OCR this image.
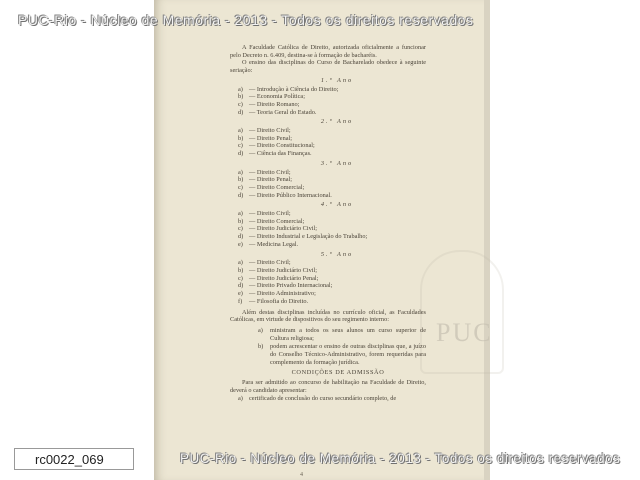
PUC
PUC-Rio - Núcleo de Memória - 2013 - Todos os direitos reservados

A Faculdade Católica de Direito, autorizada oficialmente a funcionar pelo Decreto n. 6.409, destina-se à formação de bacharéis.

O ensino das disciplinas do Curso de Bacharelado obedece à seguinte seriação:

1.º Ano
a) — Introdução à Ciência do Direito;
b) — Economia Política;
c) — Direito Romano;
d) — Teoria Geral do Estado.
2.º Ano
a) — Direito Civil;
b) — Direito Penal;
c) — Direito Constitucional;
d) — Ciência das Finanças.
3.º Ano
a) — Direito Civil;
b) — Direito Penal;
c) — Direito Comercial;
d) — Direito Público Internacional.
4.º Ano
a) — Direito Civil;
b) — Direito Comercial;
c) — Direito Judiciário Civil;
d) — Direito Industrial e Legislação do Trabalho;
e) — Medicina Legal.
5.º Ano
a) — Direito Civil;
b) — Direito Judiciário Civil;
c) — Direito Judiciário Penal;
d) — Direito Privado Internacional;
e) — Direito Administrativo;
f) — Filosofia do Direito.

Além destas disciplinas incluídas no currículo oficial, as Faculdades Católicas, em virtude de dispositivos do seu regimento interno:

a)	ministram a todos os seus alunos um curso superior de Cultura religiosa;
b)	podem acrescentar o ensino de outras disciplinas que, a juízo do Conselho Técnico-Administrativo, forem requeridas para complemento da formação jurídica.
CONDIÇÕES DE ADMISSÃO

Para ser admitido ao concurso de habilitação na Faculdade de Direito, deverá o candidato apresentar:

a) certificado de conclusão do curso secundário completo, de
4
rc0022_069	PUC-Rio - Núcleo de Memória - 2013 - Todos os direitos reservados
